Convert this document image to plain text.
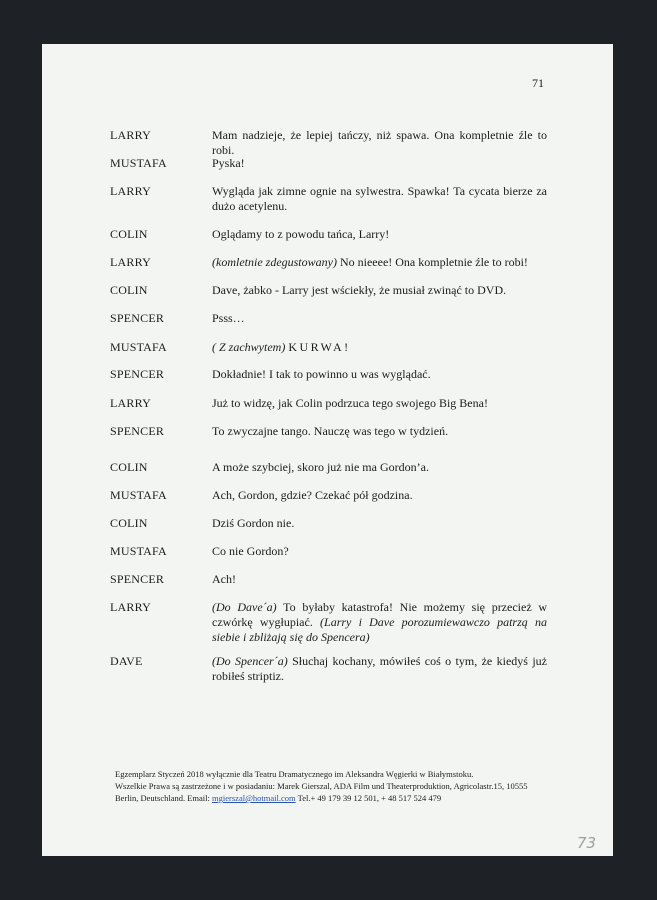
71
LARRY	Mam nadzieje, że lepiej tańczy, niż spawa. Ona kompletnie źle to robi.
MUSTAFA	Pyska!
LARRY	Wygląda jak zimne ognie na sylwestra. Spawka! Ta cycata bierze za dużo acetylenu.
COLIN	Oglądamy to z powodu tańca, Larry!
LARRY	(komletnie zdegustowany) No nieeee! Ona kompletnie źle to robi!
COLIN	Dave, żabko - Larry jest wściekły, że musiał zwinąć to DVD.
SPENCER	Psss…
MUSTAFA	( Z zachwytem) KURWA!
SPENCER	Dokładnie! I tak to powinno u was wyglądać.
LARRY	Już to widzę, jak Colin podrzuca tego swojego Big Bena!
SPENCER	To zwyczajne tango. Nauczę was tego w tydzień.
COLIN	A może szybciej, skoro już nie ma Gordon’a.
MUSTAFA	Ach, Gordon, gdzie? Czekać pół godzina.
COLIN	Dziś Gordon nie.
MUSTAFA	Co nie Gordon?
SPENCER	Ach!
LARRY	(Do Dave´a) To byłaby katastrofa! Nie możemy się przecież w czwórkę wygłupiać. (Larry i Dave porozumiewawczo patrzą na siebie i zbliżają się do Spencera)
DAVE	(Do Spencer´a) Słuchaj kochany, mówiłeś coś o tym, że kiedyś już robiłeś striptiz.
Egzemplarz Styczeń 2018 wyłącznie dla Teatru Dramatycznego im Aleksandra Węgierki w Białymstoku.
Wszelkie Prawa są zastrzeżone i w posiadaniu: Marek Gierszal, ADA Film und Theaterproduktion, Agricolastr.15, 10555
Berlin, Deutschland. Email: mgierszal@hotmail.com Tel.+ 49 179 39 12 501, + 48 517 524 479
73
